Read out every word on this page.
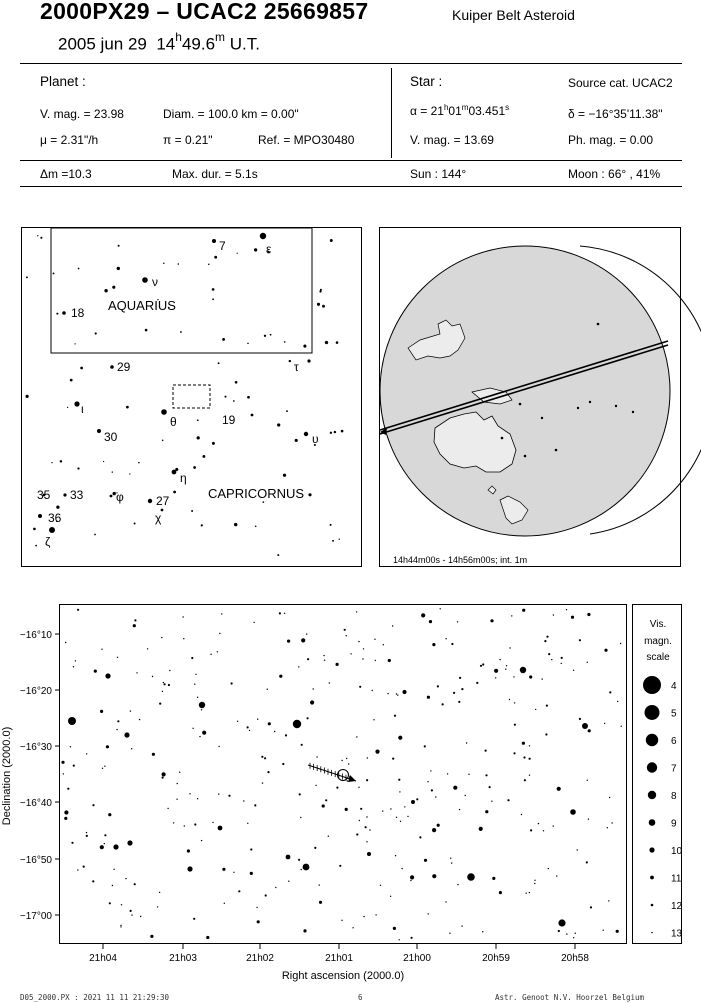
2000PX29 – UCAC2 25669857	Kuiper Belt Asteroid
2005 jun 29 14$^h$49.6$^m$ U.T.
Planet :
V. mag. = 23.98	Diam. = 100.0 km = 0.00"
μ = 2.31"/h	π = 0.21"	Ref. = MPO30480
Star :	Source cat. UCAC2
$\alpha = 21^h01^m03.451^s$	δ = −16°35'11.38"
V. mag. = 13.69	Ph. mag. = 0.00
Δm =10.3	Max. dur. = 5.1s	Sun : 144°	Moon : 66° , 41%
7	ε
ν
18
29	τ
ι
θ	19
30	υ
η
35 33	φ	27
36	χ
ζ
AQUARIUS
CAPRICORNUS
14h44m00s - 14h56m00s; int. 1m
−16°10
−16°20
−16°30
−16°40
−16°50
−17°00
21h04	21h03	21h02	21h01	21h00	20h59	20h58
Declination (2000.0)
Right ascension (2000.0)
Vis.
magn.
scale
4
5
6
7
8
9
10
11
12
13
D05_2000.PX : 2021 11 11 21:29:30	6	Astr. Genoot N.V. Hoorzel Belgium
